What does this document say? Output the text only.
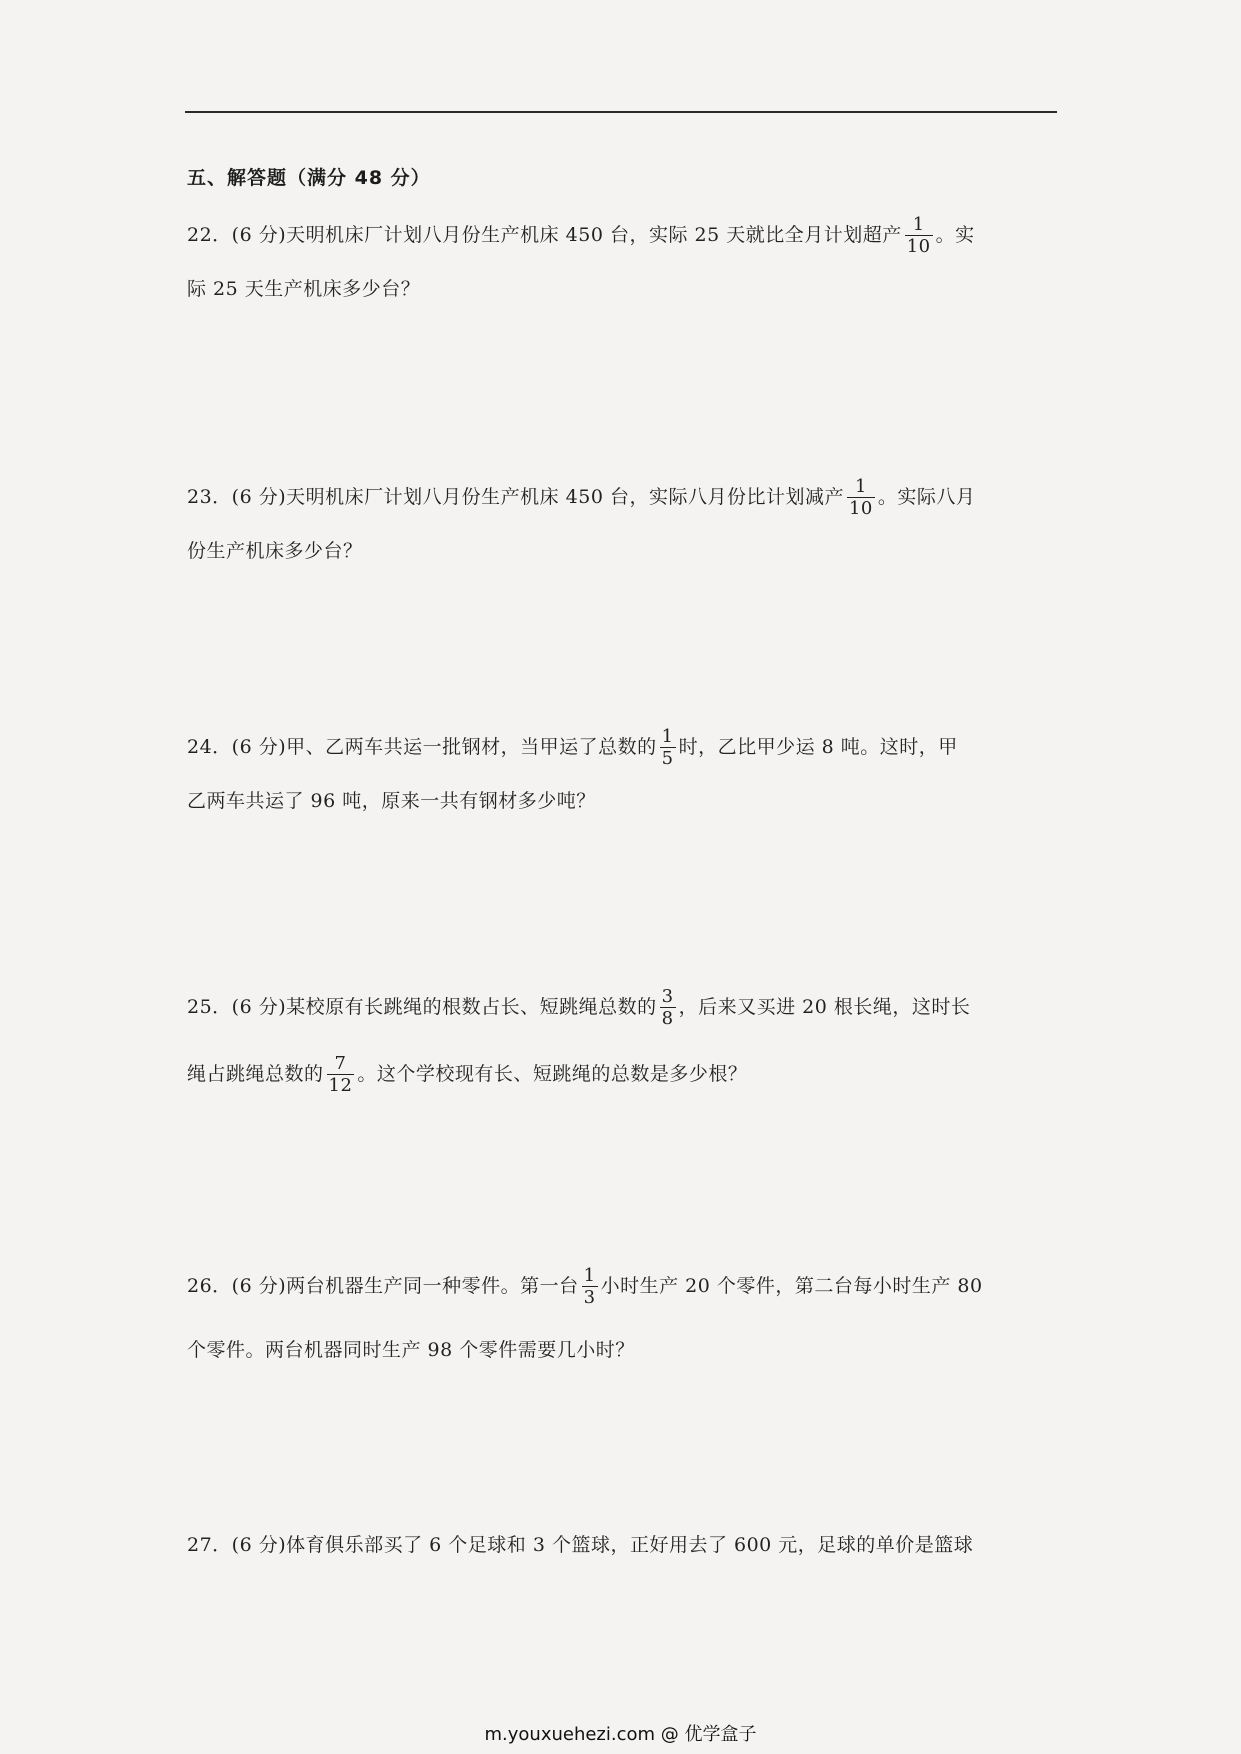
五、解答题（满分 48 分）
22．(6 分)天明机床厂计划八月份生产机床 450 台，实际 25 天就比全月计划超产 $\frac{1}{10}$ 。实
际 25 天生产机床多少台？
23．(6 分)天明机床厂计划八月份生产机床 450 台，实际八月份比计划减产 $\frac{1}{10}$ 。实际八月
份生产机床多少台？
24．(6 分)甲、乙两车共运一批钢材，当甲运了总数的 $\frac{1}{5}$ 时，乙比甲少运 8 吨。这时，甲
乙两车共运了 96 吨，原来一共有钢材多少吨？
25．(6 分)某校原有长跳绳的根数占长、短跳绳总数的 $\frac{3}{8}$ ，后来又买进 20 根长绳，这时长
绳占跳绳总数的 $\frac{7}{12}$ 。这个学校现有长、短跳绳的总数是多少根？
26．(6 分)两台机器生产同一种零件。第一台 $\frac{1}{3}$ 小时生产 20 个零件，第二台每小时生产 80
个零件。两台机器同时生产 98 个零件需要几小时？
27．(6 分)体育俱乐部买了 6 个足球和 3 个篮球，正好用去了 600 元，足球的单价是篮球
m.youxuehezi.com @ 优学盒子
